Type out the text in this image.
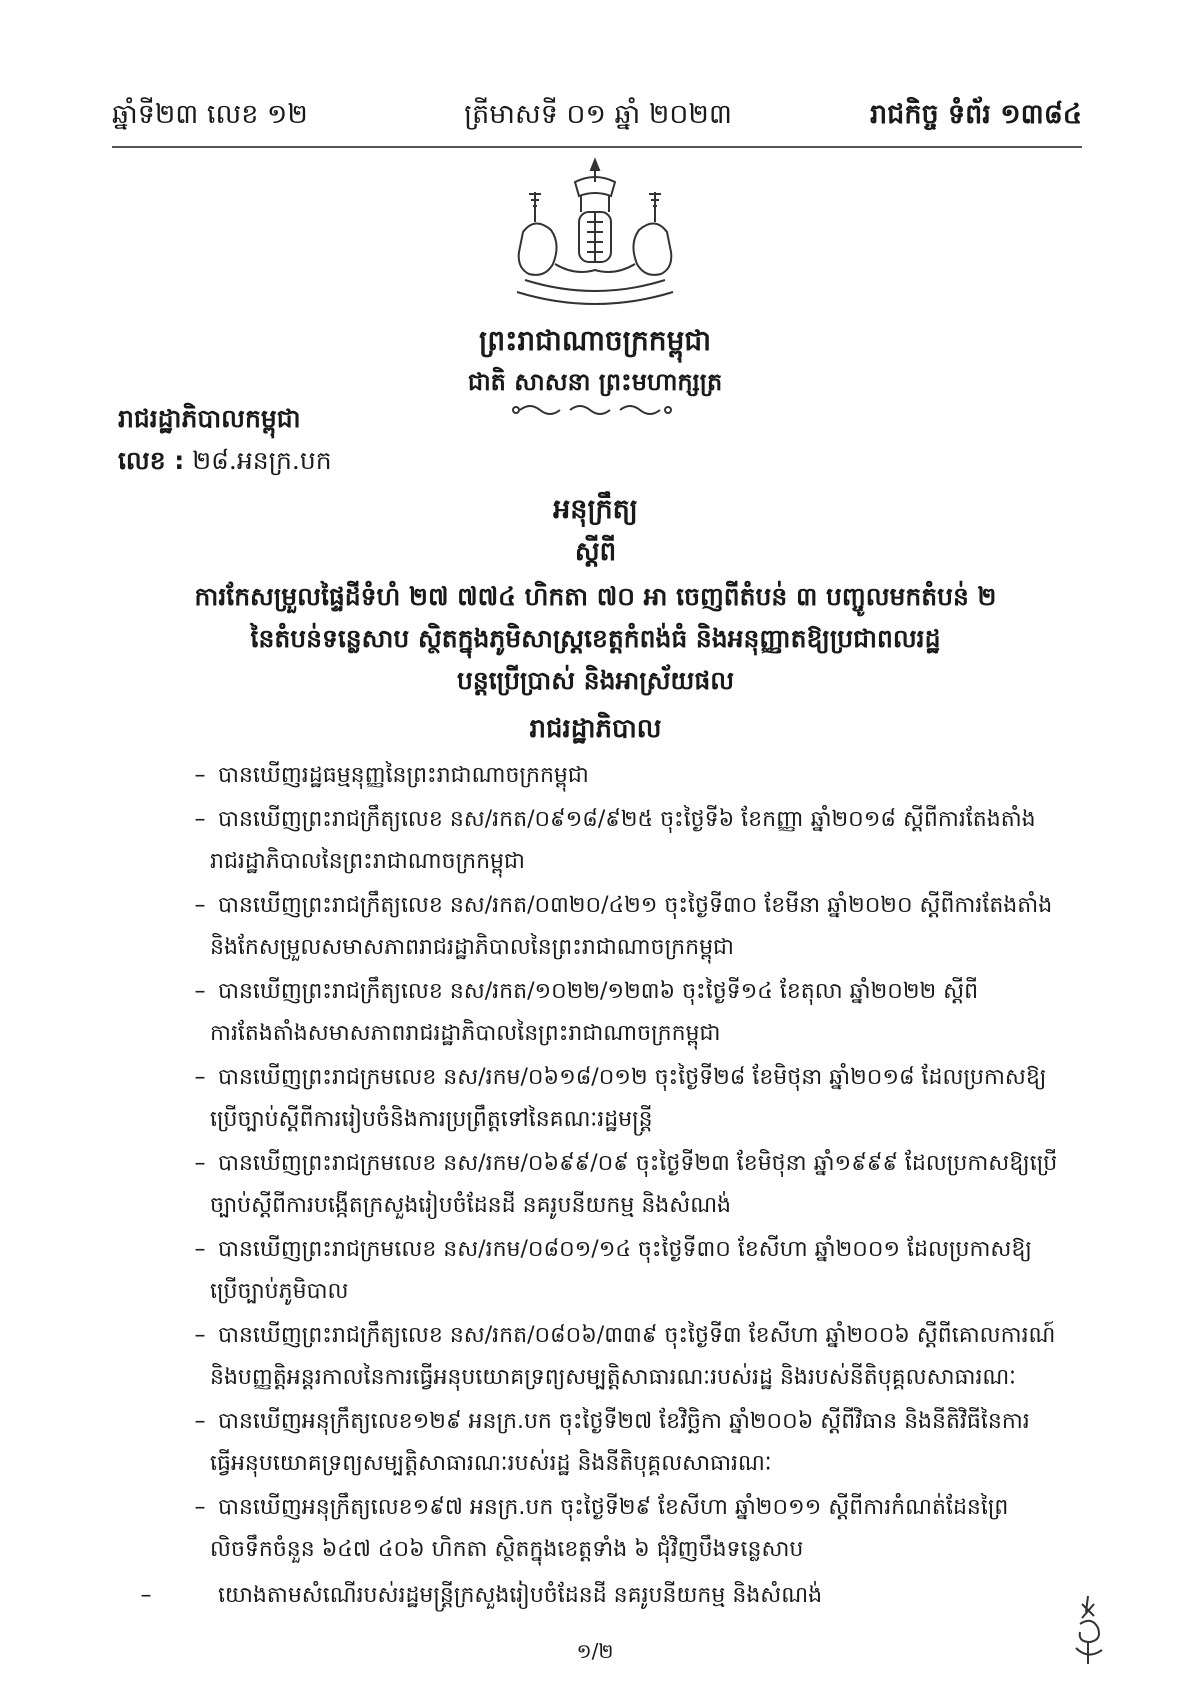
ឆ្នាំទី២៣ លេខ ១២	ត្រីមាសទី ០១ ឆ្នាំ ២០២៣	រាជកិច្ច ទំព័រ ១៣៨៤
ព្រះរាជាណាចក្រកម្ពុជា
ជាតិ សាសនា ព្រះមហាក្សត្រ
រាជរដ្ឋាភិបាលកម្ពុជា
លេខ : ២៨.អនក្រ.បក
អនុក្រឹត្យ
ស្តីពី
ការកែសម្រួលផ្ទៃដីទំហំ ២៧ ៧៧៤ ហិកតា ៧០ អា ចេញពីតំបន់ ៣ បញ្ចូលមកតំបន់ ២
នៃតំបន់ទន្លេសាប ស្ថិតក្នុងភូមិសាស្ត្រខេត្តកំពង់ធំ និងអនុញ្ញាតឱ្យប្រជាពលរដ្ឋ
បន្តប្រើប្រាស់ និងអាស្រ័យផល
រាជរដ្ឋាភិបាល
– បានឃើញរដ្ឋធម្មនុញ្ញនៃព្រះរាជាណាចក្រកម្ពុជា
– បានឃើញព្រះរាជក្រឹត្យលេខ នស/រកត/០៩១៨/៩២៥ ចុះថ្ងៃទី៦ ខែកញ្ញា ឆ្នាំ២០១៨ ស្តីពីការតែងតាំង
រាជរដ្ឋាភិបាលនៃព្រះរាជាណាចក្រកម្ពុជា
– បានឃើញព្រះរាជក្រឹត្យលេខ នស/រកត/០៣២០/៤២១ ចុះថ្ងៃទី៣០ ខែមីនា ឆ្នាំ២០២០ ស្តីពីការតែងតាំង
និងកែសម្រួលសមាសភាពរាជរដ្ឋាភិបាលនៃព្រះរាជាណាចក្រកម្ពុជា
– បានឃើញព្រះរាជក្រឹត្យលេខ នស/រកត/១០២២/១២៣៦ ចុះថ្ងៃទី១៤ ខែតុលា ឆ្នាំ២០២២ ស្តីពី
ការតែងតាំងសមាសភាពរាជរដ្ឋាភិបាលនៃព្រះរាជាណាចក្រកម្ពុជា
– បានឃើញព្រះរាជក្រមលេខ នស/រកម/០៦១៨/០១២ ចុះថ្ងៃទី២៨ ខែមិថុនា ឆ្នាំ២០១៨ ដែលប្រកាសឱ្យ
ប្រើច្បាប់ស្តីពីការរៀបចំនិងការប្រព្រឹត្តទៅនៃគណៈរដ្ឋមន្ត្រី
– បានឃើញព្រះរាជក្រមលេខ នស/រកម/០៦៩៩/០៩ ចុះថ្ងៃទី២៣ ខែមិថុនា ឆ្នាំ១៩៩៩ ដែលប្រកាសឱ្យប្រើ
ច្បាប់ស្តីពីការបង្កើតក្រសួងរៀបចំដែនដី នគរូបនីយកម្ម និងសំណង់
– បានឃើញព្រះរាជក្រមលេខ នស/រកម/០៨០១/១៤ ចុះថ្ងៃទី៣០ ខែសីហា ឆ្នាំ២០០១ ដែលប្រកាសឱ្យ
ប្រើច្បាប់ភូមិបាល
– បានឃើញព្រះរាជក្រឹត្យលេខ នស/រកត/០៨០៦/៣៣៩ ចុះថ្ងៃទី៣ ខែសីហា ឆ្នាំ២០០៦ ស្តីពីគោលការណ៍
និងបញ្ញត្តិអន្តរកាលនៃការធ្វើអនុបយោគទ្រព្យសម្បត្តិសាធារណៈរបស់រដ្ឋ និងរបស់នីតិបុគ្គលសាធារណៈ
– បានឃើញអនុក្រឹត្យលេខ១២៩ អនក្រ.បក ចុះថ្ងៃទី២៧ ខែវិច្ឆិកា ឆ្នាំ២០០៦ ស្តីពីវិធាន និងនីតិវិធីនៃការ
ធ្វើអនុបយោគទ្រព្យសម្បត្តិសាធារណៈរបស់រដ្ឋ និងនីតិបុគ្គលសាធារណៈ
– បានឃើញអនុក្រឹត្យលេខ១៩៧ អនក្រ.បក ចុះថ្ងៃទី២៩ ខែសីហា ឆ្នាំ២០១១ ស្តីពីការកំណត់ដែនព្រៃ
លិចទឹកចំនួន ៦៤៧ ៤០៦ ហិកតា ស្ថិតក្នុងខេត្តទាំង ៦ ជុំវិញបឹងទន្លេសាប
–	យោងតាមសំណើរបស់រដ្ឋមន្ត្រីក្រសួងរៀបចំដែនដី នគរូបនីយកម្ម និងសំណង់
១/២
